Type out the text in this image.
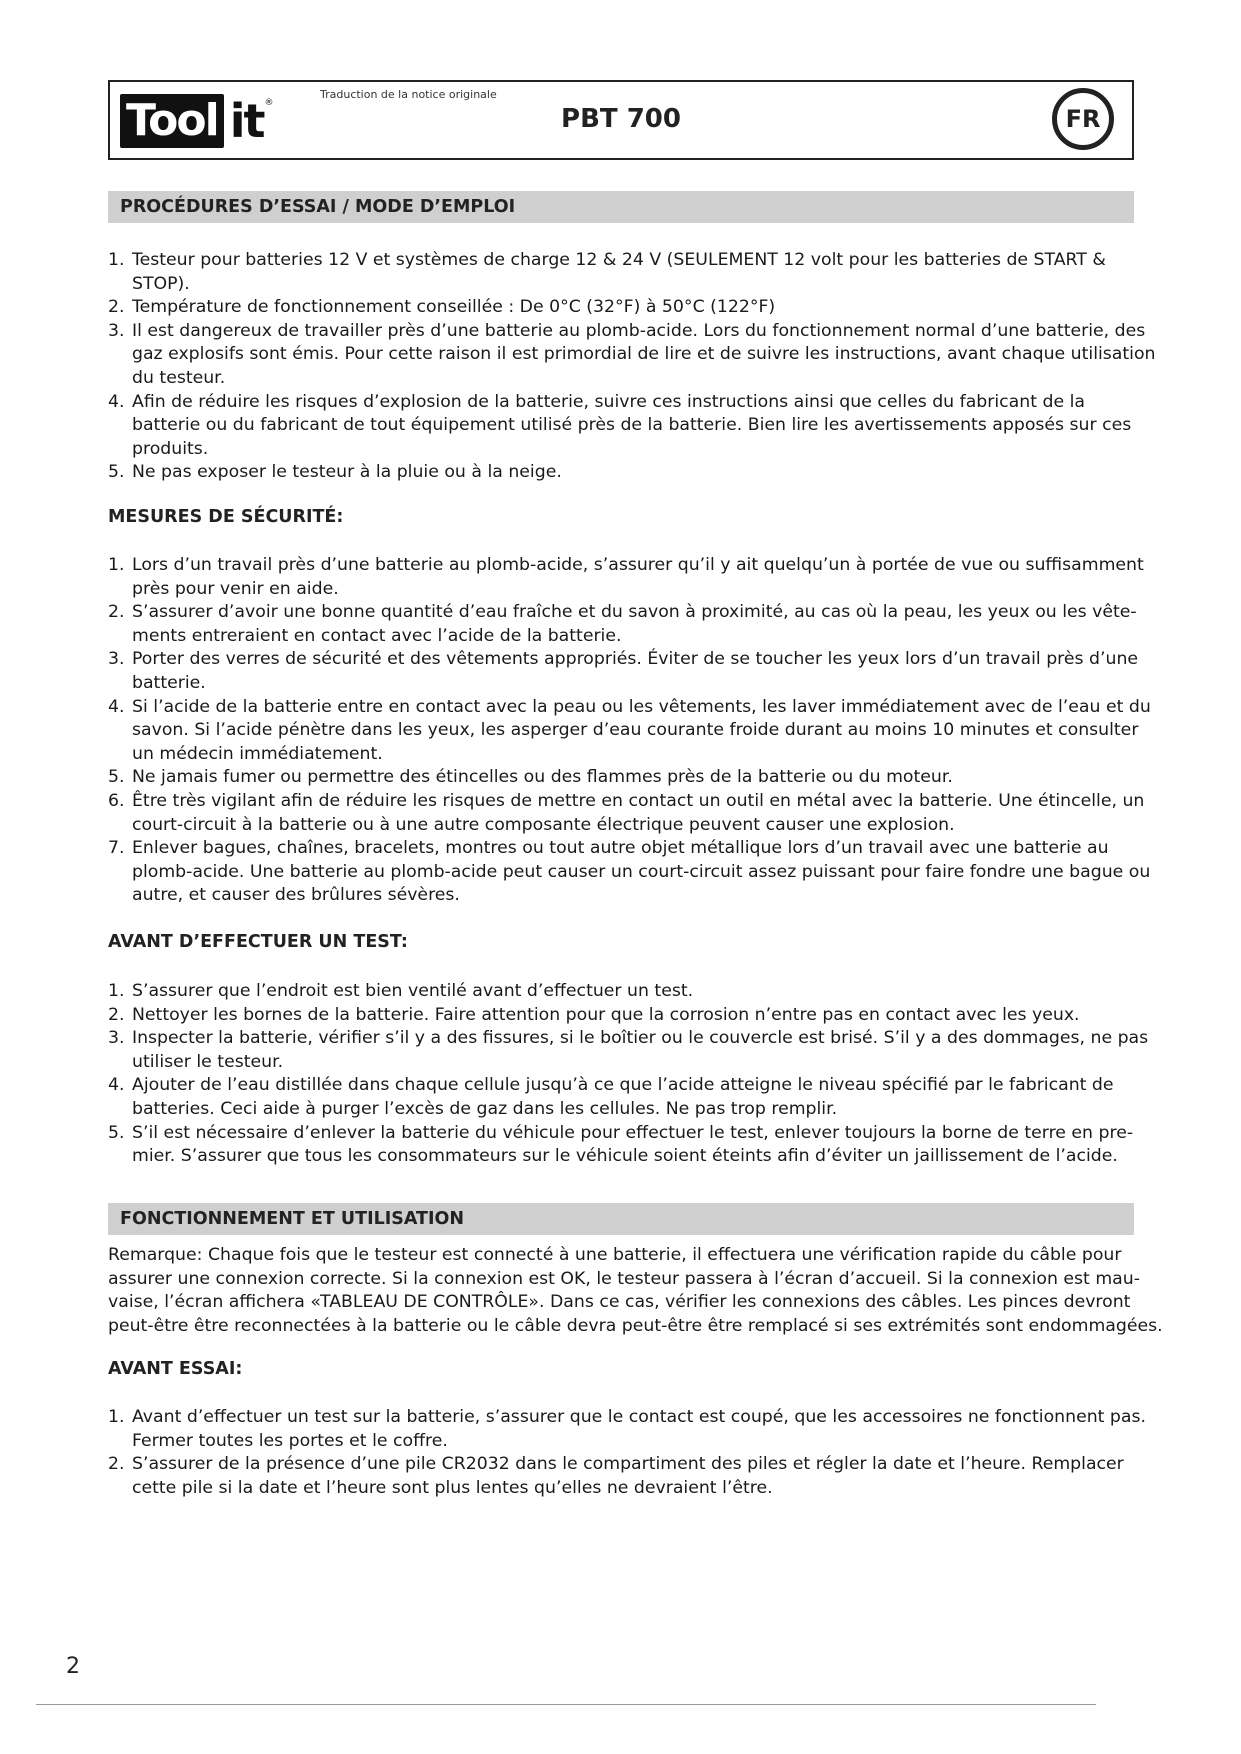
Tool it ®
Traduction de la notice originale
PBT 700	FR
PROCÉDURES D’ESSAI / MODE D’EMPLOI
1. Testeur pour batteries 12 V et systèmes de charge 12 & 24 V (SEULEMENT 12 volt pour les batteries de START & STOP).
2. Température de fonctionnement conseillée : De 0°C (32°F) à 50°C (122°F)
3. Il est dangereux de travailler près d’une batterie au plomb-acide. Lors du fonctionnement normal d’une batterie, des gaz explosifs sont émis. Pour cette raison il est primordial de lire et de suivre les instructions, avant chaque utilisation du testeur.
4. Afin de réduire les risques d’explosion de la batterie, suivre ces instructions ainsi que celles du fabricant de la batterie ou du fabricant de tout équipement utilisé près de la batterie. Bien lire les avertissements apposés sur ces produits.
5. Ne pas exposer le testeur à la pluie ou à la neige.
MESURES DE SÉCURITÉ:
1. Lors d’un travail près d’une batterie au plomb-acide, s’assurer qu’il y ait quelqu’un à portée de vue ou suffisamment près pour venir en aide.
2. S’assurer d’avoir une bonne quantité d’eau fraîche et du savon à proximité, au cas où la peau, les yeux ou les vête-ments entreraient en contact avec l’acide de la batterie.
3. Porter des verres de sécurité et des vêtements appropriés. Éviter de se toucher les yeux lors d’un travail près d’une batterie.
4. Si l’acide de la batterie entre en contact avec la peau ou les vêtements, les laver immédiatement avec de l’eau et du savon. Si l’acide pénètre dans les yeux, les asperger d’eau courante froide durant au moins 10 minutes et consulter un médecin immédiatement.
5. Ne jamais fumer ou permettre des étincelles ou des flammes près de la batterie ou du moteur.
6. Être très vigilant afin de réduire les risques de mettre en contact un outil en métal avec la batterie. Une étincelle, un court-circuit à la batterie ou à une autre composante électrique peuvent causer une explosion.
7. Enlever bagues, chaînes, bracelets, montres ou tout autre objet métallique lors d’un travail avec une batterie au plomb-acide. Une batterie au plomb-acide peut causer un court-circuit assez puissant pour faire fondre une bague ou autre, et causer des brûlures sévères.
AVANT D’EFFECTUER UN TEST:
1. S’assurer que l’endroit est bien ventilé avant d’effectuer un test.
2. Nettoyer les bornes de la batterie. Faire attention pour que la corrosion n’entre pas en contact avec les yeux.
3. Inspecter la batterie, vérifier s’il y a des fissures, si le boîtier ou le couvercle est brisé. S’il y a des dommages, ne pas utiliser le testeur.
4. Ajouter de l’eau distillée dans chaque cellule jusqu’à ce que l’acide atteigne le niveau spécifié par le fabricant de batteries. Ceci aide à purger l’excès de gaz dans les cellules. Ne pas trop remplir.
5. S’il est nécessaire d’enlever la batterie du véhicule pour effectuer le test, enlever toujours la borne de terre en pre-mier. S’assurer que tous les consommateurs sur le véhicule soient éteints afin d’éviter un jaillissement de l’acide.
FONCTIONNEMENT ET UTILISATION

Remarque: Chaque fois que le testeur est connecté à une batterie, il effectuera une vérification rapide du câble pour assurer une connexion correcte. Si la connexion est OK, le testeur passera à l’écran d’accueil. Si la connexion est mau-vaise, l’écran affichera «TABLEAU DE CONTRÔLE». Dans ce cas, vérifier les connexions des câbles. Les pinces devront peut-être être reconnectées à la batterie ou le câble devra peut-être être remplacé si ses extrémités sont endommagées.

AVANT ESSAI:
1. Avant d’effectuer un test sur la batterie, s’assurer que le contact est coupé, que les accessoires ne fonctionnent pas. Fermer toutes les portes et le coffre.
2. S’assurer de la présence d’une pile CR2032 dans le compartiment des piles et régler la date et l’heure. Remplacer cette pile si la date et l’heure sont plus lentes qu’elles ne devraient l’être.
2
